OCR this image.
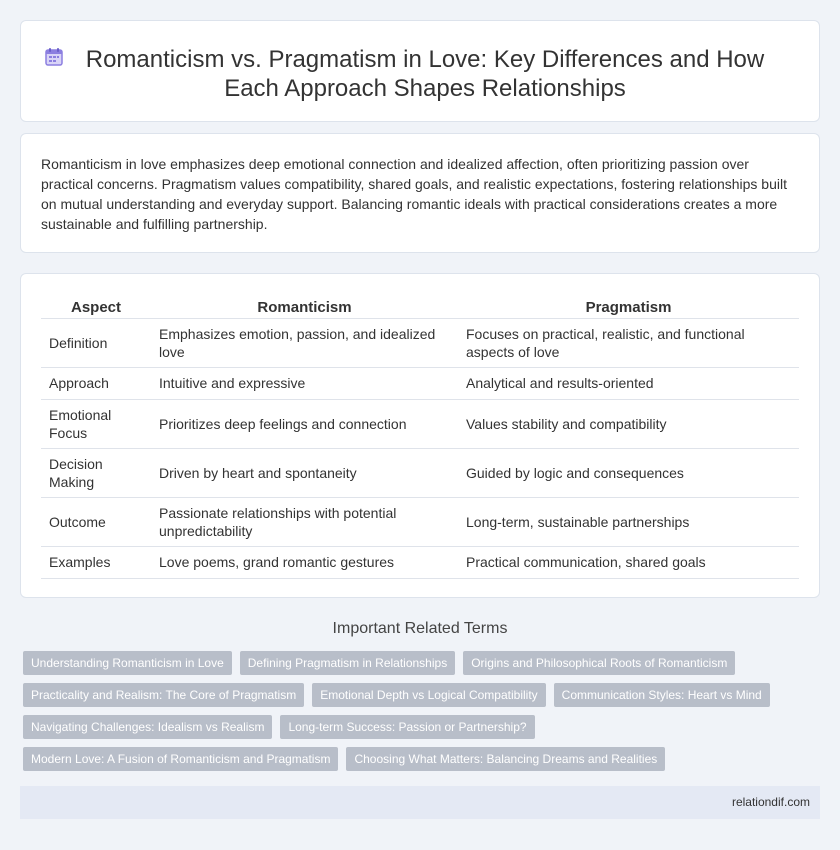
Romanticism vs. Pragmatism in Love: Key Differences and How Each Approach Shapes Relationships

Romanticism in love emphasizes deep emotional connection and idealized affection, often prioritizing passion over practical concerns. Pragmatism values compatibility, shared goals, and realistic expectations, fostering relationships built on mutual understanding and everyday support. Balancing romantic ideals with practical considerations creates a more sustainable and fulfilling partnership.

Aspect	Romanticism	Pragmatism
Definition	Emphasizes emotion, passion, and idealized love	Focuses on practical, realistic, and functional aspects of love
Approach	Intuitive and expressive	Analytical and results-oriented
Emotional Focus	Prioritizes deep feelings and connection	Values stability and compatibility
Decision Making	Driven by heart and spontaneity	Guided by logic and consequences
Outcome	Passionate relationships with potential unpredictability	Long-term, sustainable partnerships
Examples	Love poems, grand romantic gestures	Practical communication, shared goals
Important Related Terms
Understanding Romanticism in Love	Defining Pragmatism in Relationships	Origins and Philosophical Roots of Romanticism
Practicality and Realism: The Core of Pragmatism	Emotional Depth vs Logical Compatibility	Communication Styles: Heart vs Mind
Navigating Challenges: Idealism vs Realism	Long-term Success: Passion or Partnership?
Modern Love: A Fusion of Romanticism and Pragmatism	Choosing What Matters: Balancing Dreams and Realities
relationdif.com
